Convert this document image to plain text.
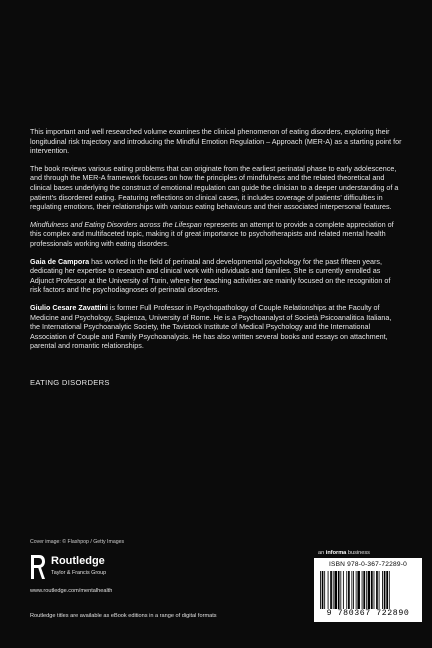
This important and well researched volume examines the clinical phenomenon of eating disorders, exploring their longitudinal risk trajectory and introducing the Mindful Emotion Regulation – Approach (MER-A) as a starting point for intervention.

The book reviews various eating problems that can originate from the earliest perinatal phase to early adolescence, and through the MER-A framework focuses on how the principles of mindfulness and the related theoretical and clinical bases underlying the construct of emotional regulation can guide the clinician to a deeper understanding of a patient’s disordered eating. Featuring reflections on clinical cases, it includes coverage of patients’ difficulties in regulating emotions, their relationships with various eating behaviours and their associated interpersonal features.

Mindfulness and Eating Disorders across the Lifespan represents an attempt to provide a complete appreciation of this complex and multifaceted topic, making it of great importance to psychotherapists and related mental health professionals working with eating disorders.

Gaia de Campora has worked in the field of perinatal and developmental psychology for the past fifteen years, dedicating her expertise to research and clinical work with individuals and families. She is currently enrolled as Adjunct Professor at the University of Turin, where her teaching activities are mainly focused on the recognition of risk factors and the psychodiagnoses of perinatal disorders.

Giulio Cesare Zavattini is former Full Professor in Psychopathology of Couple Relationships at the Faculty of Medicine and Psychology, Sapienza, University of Rome. He is a Psychoanalyst of Società Psicoanalitica Italiana, the International Psychoanalytic Society, the Tavistock Institute of Medical Psychology and the International Association of Couple and Family Psychoanalysis. He has also written several books and essays on attachment, parental and romantic relationships.

EATING DISORDERS
Cover image: © Flashpop / Getty Images
Routledge
Taylor & Francis Group
www.routledge.com/mentalhealth
Routledge titles are available as eBook editions in a range of digital formats
an informa business
ISBN 978-0-367-72289-0
9 780367 722890
